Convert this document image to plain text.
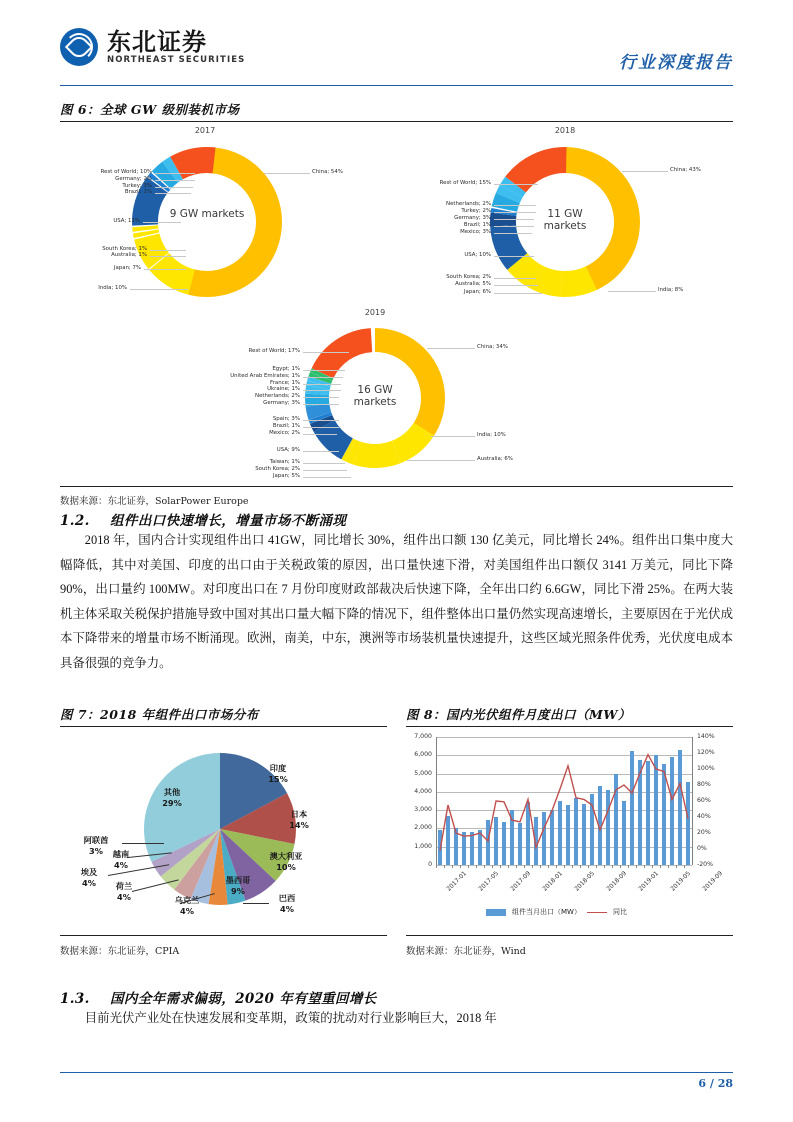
东北证券
NORTHEAST SECURITIES	行业深度报告
图 6：全球 GW 级别装机市场
2017
9 GW markets
China; 54%
Rest of World; 10%
Germany; 2%
Turkey; 3%
Brazil; 1%
USA; 11%
South Korea; 1%
Australia; 1%
Japan; 7%
India; 10%
2018
11 GW markets
China; 43%
Rest of World; 15%
Netherlands; 2%
Turkey; 2%
Germany; 3%
Brazil; 1%
Mexico; 3%
USA; 10%
South Korea; 2%
Australia; 5%
Japan; 6%	India; 8%
2019
16 GW markets
China; 34%
India; 10%
Australia; 6%
Rest of World; 17%
Egypt; 1%
United Arab Emirates; 1%
France; 1%
Ukraine; 1%
Netherlands; 2%
Germany; 3%
Spain; 3%
Brazil; 1%
Mexico; 2%
USA; 9%
Taiwan; 1%
South Korea; 2%
Japan; 5%
数据来源：东北证券，SolarPower Europe
1.2. 组件出口快速增长，增量市场不断涌现
2018 年，国内合计实现组件出口 41GW，同比增长 30%，组件出口额 130 亿美元，同比增长 24%。组件出口集中度大幅降低，其中对美国、印度的出口由于关税政策的原因，出口量快速下滑，对美国组件出口额仅 3141 万美元，同比下降 90%，出口量约 100MW。对印度出口在 7 月份印度财政部裁决后快速下降，全年出口约 6.6GW，同比下滑 25%。在两大装机主体采取关税保护措施导致中国对其出口量大幅下降的情况下，组件整体出口量仍然实现高速增长，主要原因在于光伏成本下降带来的增量市场不断涌现。欧洲，南美，中东，澳洲等市场装机量快速提升，这些区域光照条件优秀，光伏度电成本具备很强的竞争力。
图 7：2018 年组件出口市场分布
印度
15%
日本
14%
澳大利亚
10%
墨西哥
9%
其他
29%
巴西
4%
乌克兰
4%
荷兰
4%
埃及
4%
越南
4%
阿联酋
3%
数据来源：东北证券，CPIA
图 8：国内光伏组件月度出口（MW）
0
1,000
2,000
3,000
4,000
5,000
6,000
7,000
-20%
0%
20%
40%
60%
80%
100%
120%
140%
2017-01 2017-05 2017-09 2018-01 2018-05 2018-09 2019-01 2019-05 2019-09
组件当月出口（MW）	同比
数据来源：东北证券，Wind
1.3. 国内全年需求偏弱，2020 年有望重回增长
目前光伏产业处在快速发展和变革期，政策的扰动对行业影响巨大，2018 年
6 / 28
